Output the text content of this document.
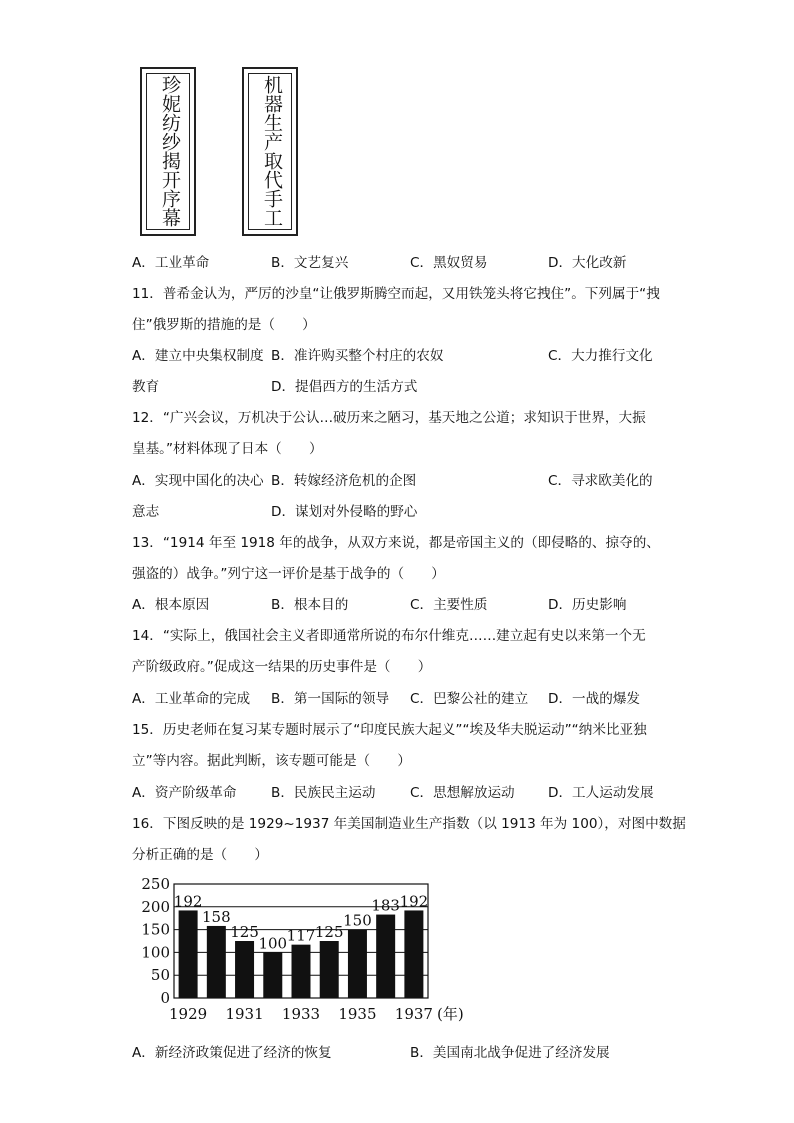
珍妮纺纱揭开序幕	机器生产取代手工
A．工业革命	B．文艺复兴	C．黑奴贸易	D．大化改新
11．普希金认为，严厉的沙皇“让俄罗斯腾空而起，又用铁笼头将它拽住”。下列属于“拽
住”俄罗斯的措施的是（　　）
A．建立中央集权制度 B．准许购买整个村庄的农奴	C．大力推行文化
教育	D．提倡西方的生活方式
12．“广兴会议，万机决于公认…破历来之陋习，基天地之公道；求知识于世界，大振
皇基。”材料体现了日本（　　）
A．实现中国化的决心 B．转嫁经济危机的企图	C．寻求欧美化的
意志	D．谋划对外侵略的野心
13．“1914 年至 1918 年的战争，从双方来说，都是帝国主义的（即侵略的、掠夺的、
强盗的）战争。”列宁这一评价是基于战争的（　　）
A．根本原因	B．根本目的	C．主要性质	D．历史影响
14．“实际上，俄国社会主义者即通常所说的布尔什维克……建立起有史以来第一个无
产阶级政府。”促成这一结果的历史事件是（　　）
A．工业革命的完成 B．第一国际的领导 C．巴黎公社的建立 D．一战的爆发
15．历史老师在复习某专题时展示了“印度民族大起义”“埃及华夫脱运动”“纳米比亚独
立”等内容。据此判断，该专题可能是（　　）
A．资产阶级革命	B．民族民主运动	C．思想解放运动 D．工人运动发展
16．下图反映的是 1929~1937 年美国制造业生产指数（以 1913 年为 100），对图中数据
分析正确的是（　　）
192
158
125
100 117 125
150
183 192
0
50
100
150
200
250
1929 1931 1933 1935 1937 (年)
A．新经济政策促进了经济的恢复	B．美国南北战争促进了经济发展
